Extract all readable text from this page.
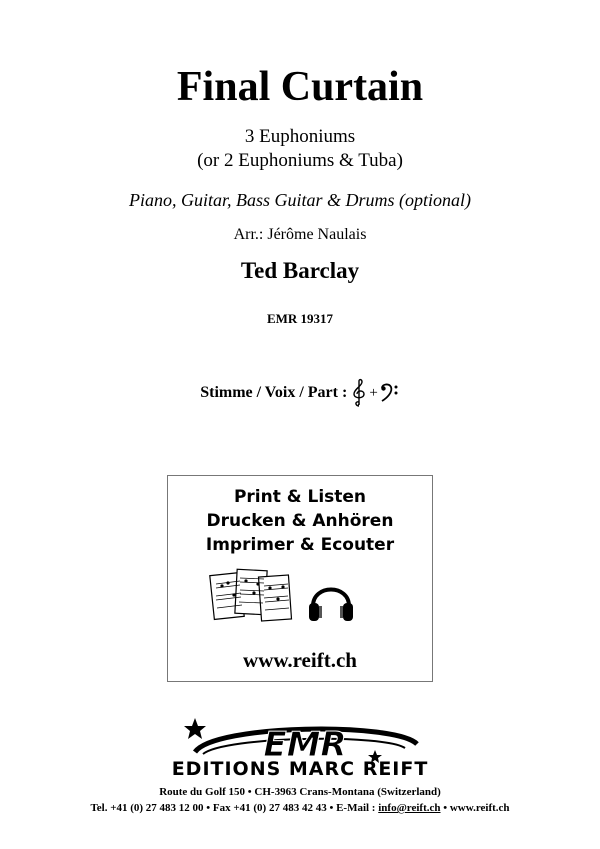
Final Curtain
3 Euphoniums
(or 2 Euphoniums & Tuba)
Piano, Guitar, Bass Guitar & Drums (optional)
Arr.: Jérôme Naulais
Ted Barclay
EMR 19317
Stimme / Voix / Part : +
Print & Listen
Drucken & Anhören
Imprimer & Ecouter
www.reift.ch
EMR
EDITIONS MARC REIFT
Route du Golf 150 • CH-3963 Crans-Montana (Switzerland)
Tel. +41 (0) 27 483 12 00 • Fax +41 (0) 27 483 42 43 • E-Mail : info@reift.ch • www.reift.ch
